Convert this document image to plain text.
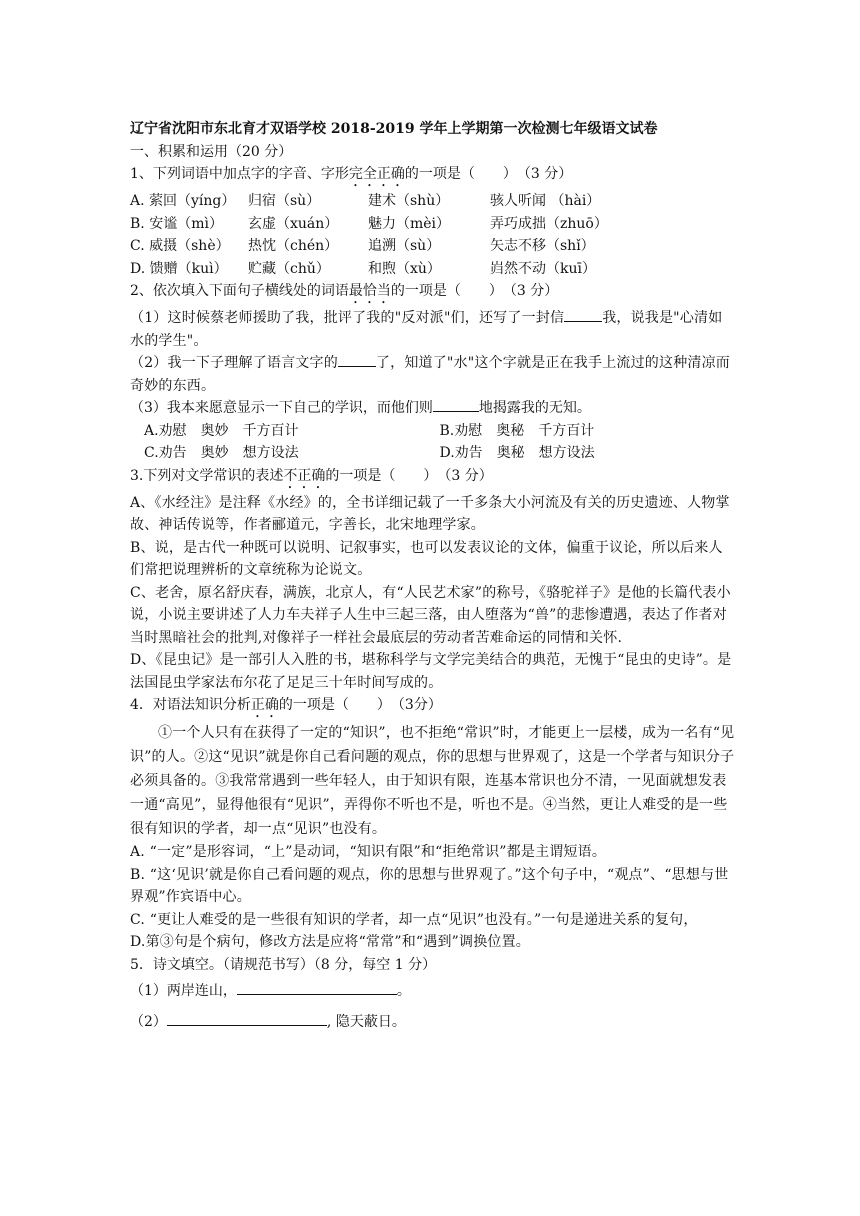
辽宁省沈阳市东北育才双语学校 2018-2019 学年上学期第一次检测七年级语文试卷
一、积累和运用（20 分）
1、下列词语中加点字的字音、字形完全正确的一项是（　　）　（3 分）
A. 萦回（yíng） 归宿（sù）	建术（shù）	骇人听闻 （hài）
B. 安谧（mì）	玄虚（xuán）	魅力（mèi）	弄巧成拙（zhuō）
C. 威摄（shè）	热忱（chén）	追溯（sù）	矢志不移（shǐ）
D. 馈赠（kuì）	贮藏（chǔ）	和煦（xù）	岿然不动（kuī）
2、依次填入下面句子横线处的词语最恰当的一项是（　　）　（3 分）
（1）这时候蔡老师援助了我，批评了我的"反对派"们，还写了一封信	我，说我是"心清如水的学生"。
（2）我一下子理解了语言文字的	了，知道了"水"这个字就是正在我手上流过的这种清凉而奇妙的东西。
（3）我本来愿意显示一下自己的学识，而他们则	地揭露我的无知。
A.劝慰　奥妙　千方百计	B.劝慰　奥秘　千方百计
C.劝告　奥妙　想方设法	D.劝告　奥秘　想方设法
3.下列对文学常识的表述不正确的一项是（　　）　（3 分）
A、《水经注》是注释《水经》的，全书详细记载了一千多条大小河流及有关的历史遗迹、人物掌故、神话传说等，作者郦道元，字善长，北宋地理学家。
B、说，是古代一种既可以说明、记叙事实，也可以发表议论的文体，偏重于议论，所以后来人们常把说理辨析的文章统称为论说文。
C、老舍，原名舒庆春，满族，北京人，有“人民艺术家”的称号，《骆驼祥子》是他的长篇代表小说，小说主要讲述了人力车夫祥子人生中三起三落，由人堕落为“兽”的悲惨遭遇，表达了作者对当时黑暗社会的批判,对像祥子一样社会最底层的劳动者苦难命运的同情和关怀.
D、《昆虫记》是一部引人入胜的书，堪称科学与文学完美结合的典范，无愧于“昆虫的史诗”。是法国昆虫学家法布尔花了足足三十年时间写成的。
4．对语法知识分析正确的一项是（　　）　（3分）
①一个人只有在获得了一定的“知识”，也不拒绝“常识”时，才能更上一层楼，成为一名有“见识”的人。②这“见识”就是你自己看问题的观点，你的思想与世界观了，这是一个学者与知识分子必须具备的。③我常常遇到一些年轻人，由于知识有限，连基本常识也分不清，一见面就想发表一通“高见”，显得他很有“见识”，弄得你不听也不是，听也不是。④当然，更让人难受的是一些很有知识的学者，却一点“见识”也没有。
A. “一定”是形容词，“上”是动词，“知识有限”和“拒绝常识”都是主谓短语。
B. “这‘见识’就是你自己看问题的观点，你的思想与世界观了。”这个句子中，“观点”、“思想与世界观”作宾语中心。
C. “更让人难受的是一些很有知识的学者，却一点“见识”也没有。”一句是递进关系的复句，
D.第③句是个病句，修改方法是应将“常常”和“遇到”调换位置。
5．诗文填空。（请规范书写）（8 分，每空 1 分）
（1）两岸连山，	。
（2）	, 隐天蔽日。
